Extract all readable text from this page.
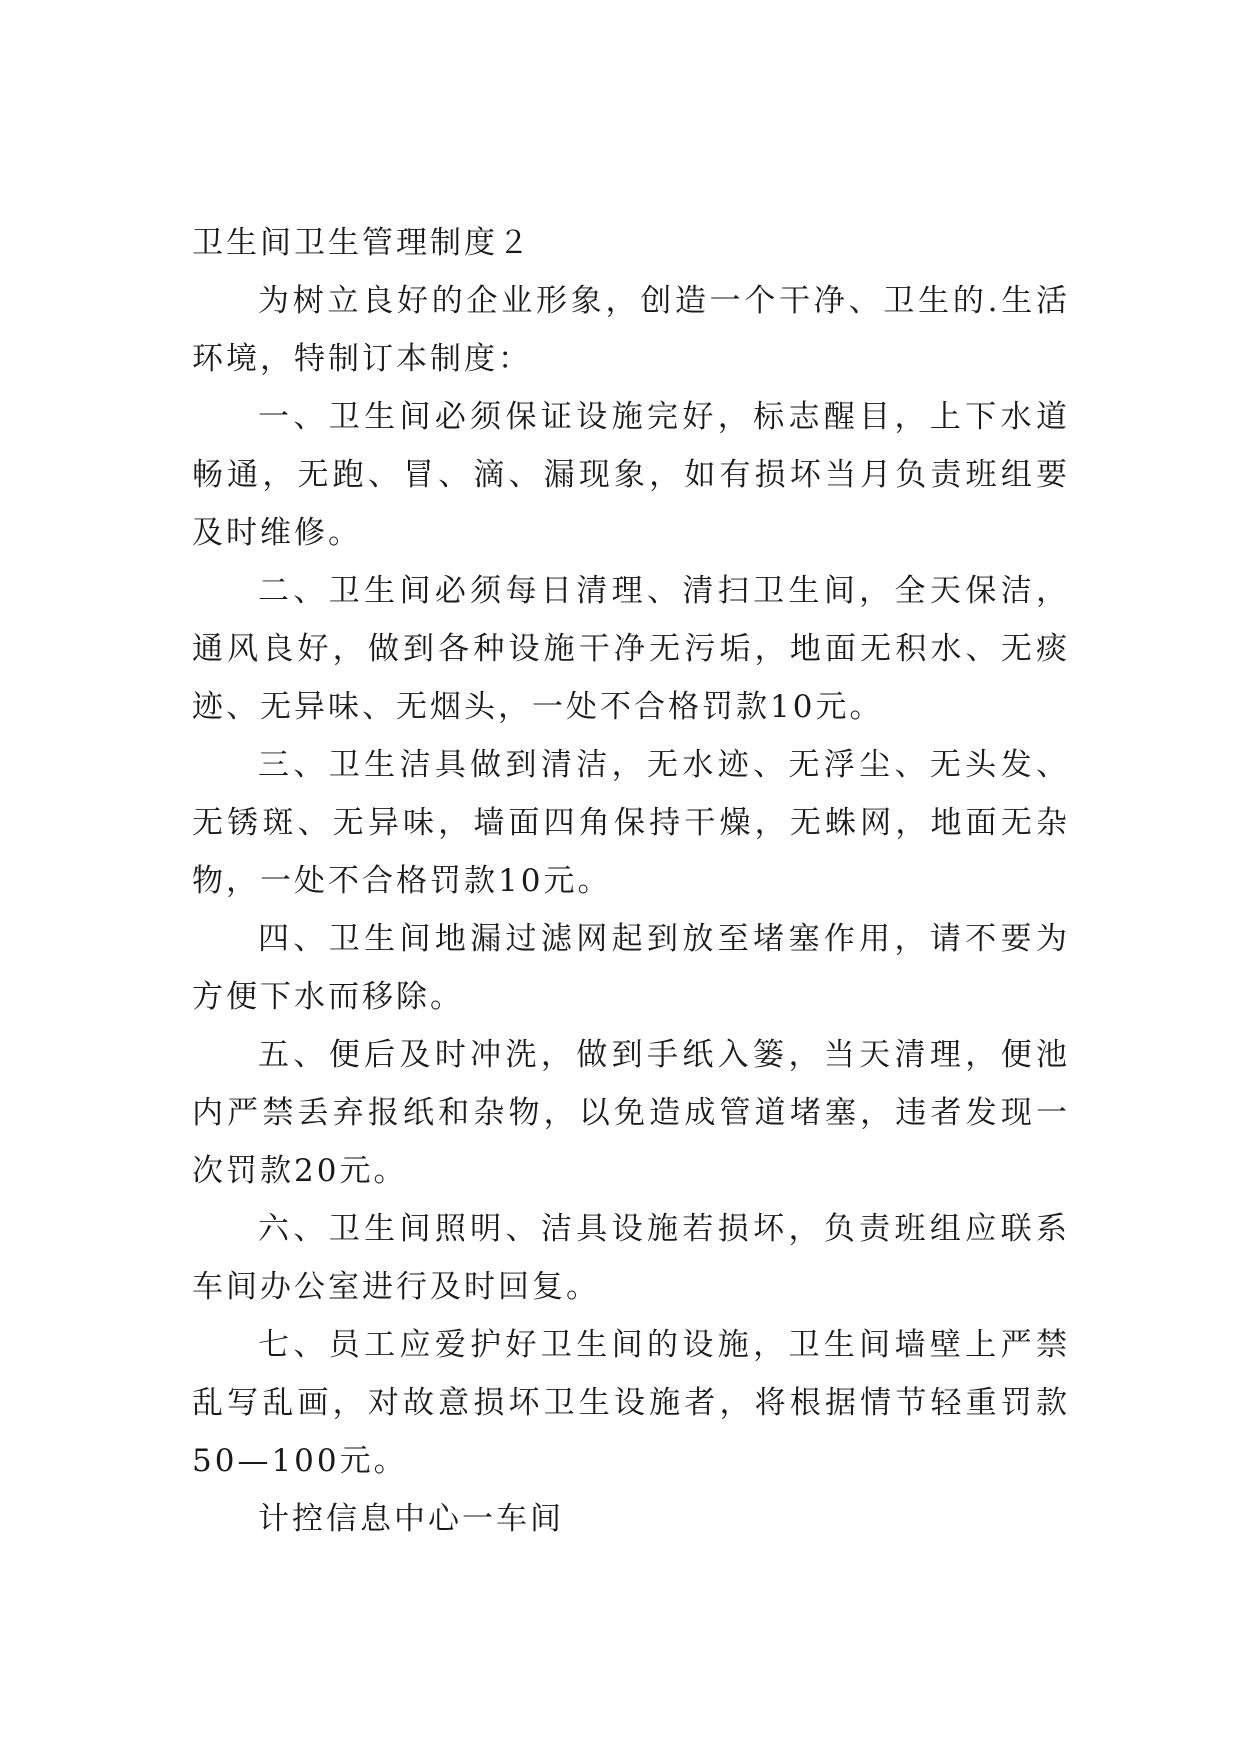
卫生间卫生管理制度２

为树立良好的企业形象，创造一个干净、卫生的.生活环境，特制订本制度：

一、卫生间必须保证设施完好，标志醒目，上下水道畅通，无跑、冒、滴、漏现象，如有损坏当月负责班组要及时维修。

二、卫生间必须每日清理、清扫卫生间，全天保洁，通风良好，做到各种设施干净无污垢，地面无积水、无痰迹、无异味、无烟头，一处不合格罚款10元。

三、卫生洁具做到清洁，无水迹、无浮尘、无头发、无锈斑、无异味，墙面四角保持干燥，无蛛网，地面无杂物，一处不合格罚款10元。

四、卫生间地漏过滤网起到放至堵塞作用，请不要为方便下水而移除。

五、便后及时冲洗，做到手纸入篓，当天清理，便池内严禁丢弃报纸和杂物，以免造成管道堵塞，违者发现一次罚款20元。

六、卫生间照明、洁具设施若损坏，负责班组应联系车间办公室进行及时回复。

七、员工应爱护好卫生间的设施，卫生间墙壁上严禁乱写乱画，对故意损坏卫生设施者，将根据情节轻重罚款50—100元。

计控信息中心一车间
